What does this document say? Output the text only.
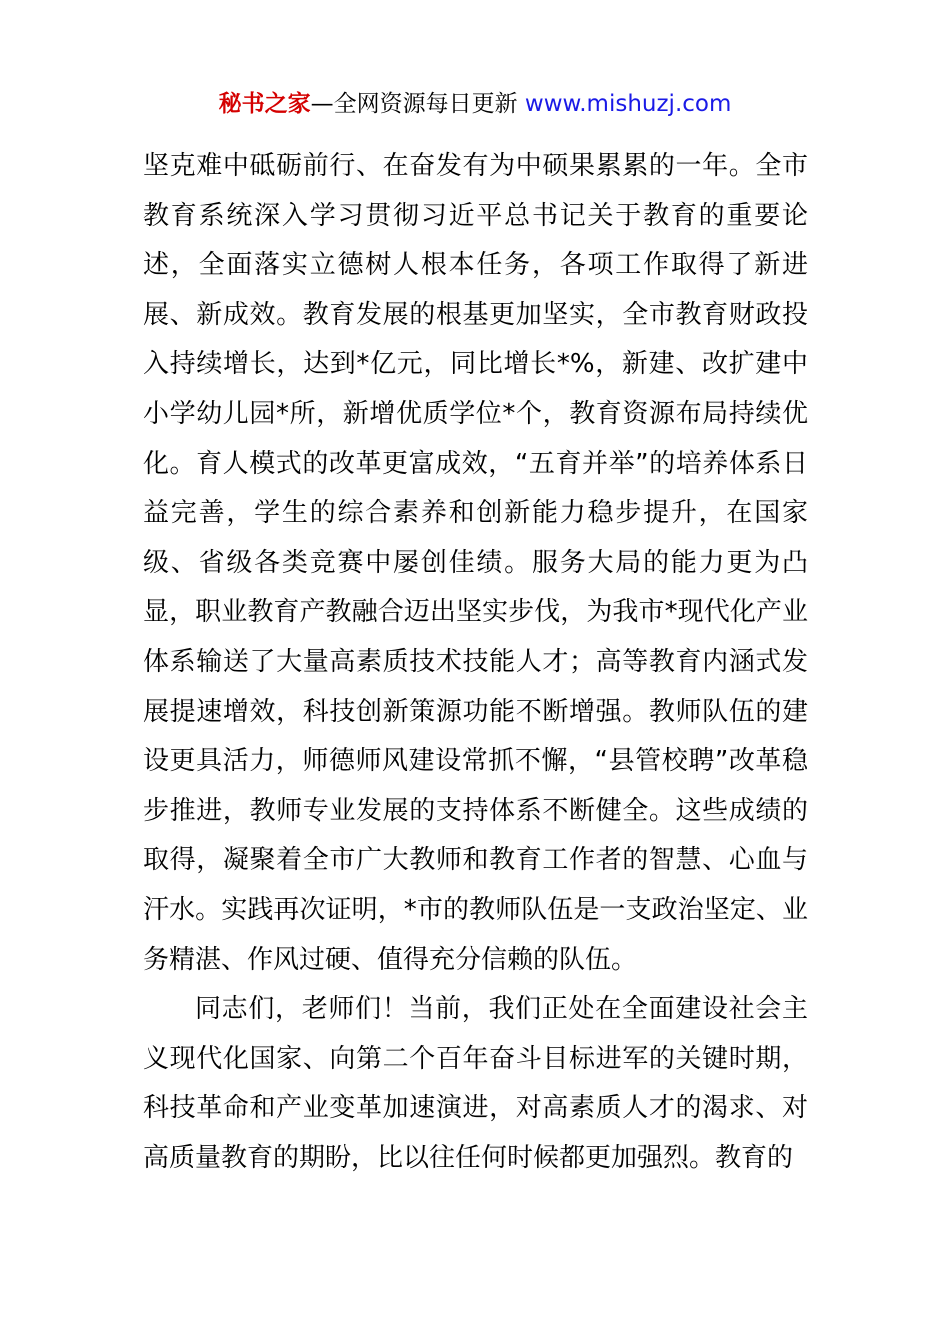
秘书之家—全网资源每日更新 www.mishuzj.com

坚克难中砥砺前行、在奋发有为中硕果累累的一年。全市教育系统深入学习贯彻习近平总书记关于教育的重要论述，全面落实立德树人根本任务，各项工作取得了新进展、新成效。教育发展的根基更加坚实，全市教育财政投入持续增长，达到*亿元，同比增长*%，新建、改扩建中小学幼儿园*所，新增优质学位*个，教育资源布局持续优化。育人模式的改革更富成效，“五育并举”的培养体系日益完善，学生的综合素养和创新能力稳步提升，在国家级、省级各类竞赛中屡创佳绩。服务大局的能力更为凸显，职业教育产教融合迈出坚实步伐，为我市*现代化产业体系输送了大量高素质技术技能人才；高等教育内涵式发展提速增效，科技创新策源功能不断增强。教师队伍的建设更具活力，师德师风建设常抓不懈，“县管校聘”改革稳步推进，教师专业发展的支持体系不断健全。这些成绩的取得，凝聚着全市广大教师和教育工作者的智慧、心血与汗水。实践再次证明，*市的教师队伍是一支政治坚定、业务精湛、作风过硬、值得充分信赖的队伍。

同志们，老师们！当前，我们正处在全面建设社会主义现代化国家、向第二个百年奋斗目标进军的关键时期，科技革命和产业变革加速演进，对高素质人才的渴求、对高质量教育的期盼，比以往任何时候都更加强烈。教育的
